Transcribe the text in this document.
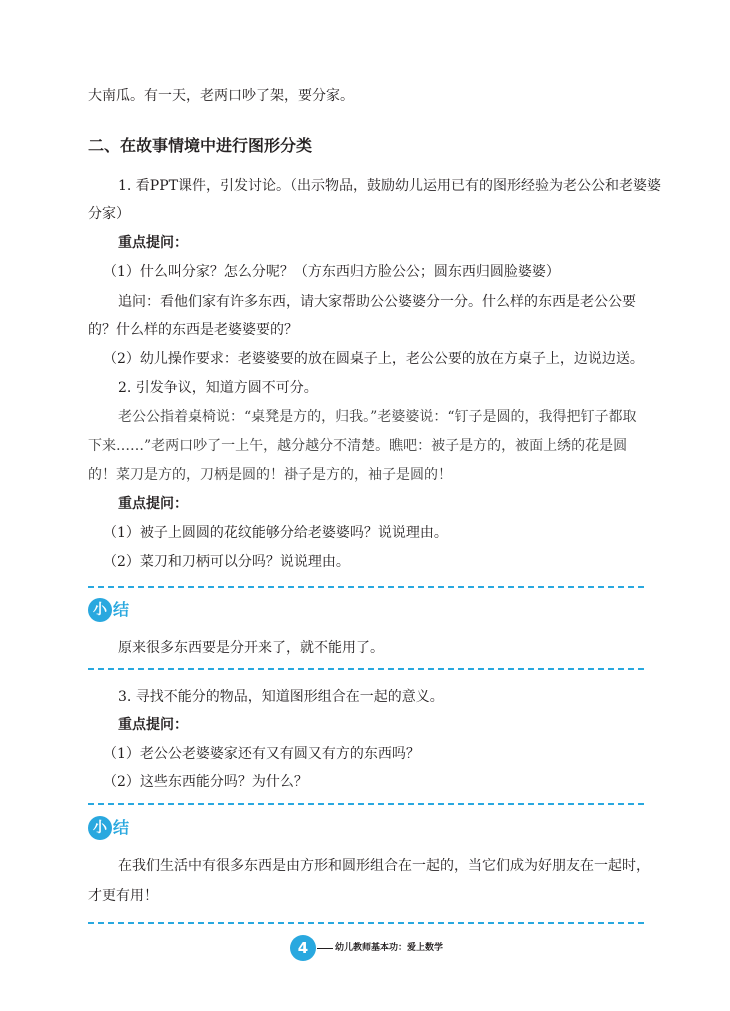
大南瓜。有一天，老两口吵了架，要分家。

二、在故事情境中进行图形分类

1. 看PPT课件，引发讨论。（出示物品，鼓励幼儿运用已有的图形经验为老公公和老婆婆

分家）

重点提问：

（1）什么叫分家？怎么分呢？（方东西归方脸公公；圆东西归圆脸婆婆）

追问：看他们家有许多东西，请大家帮助公公婆婆分一分。什么样的东西是老公公要

的？什么样的东西是老婆婆要的？

（2）幼儿操作要求：老婆婆要的放在圆桌子上，老公公要的放在方桌子上，边说边送。

2. 引发争议，知道方圆不可分。

老公公指着桌椅说：“桌凳是方的，归我。”老婆婆说：“钉子是圆的，我得把钉子都取

下来……”老两口吵了一上午，越分越分不清楚。瞧吧：被子是方的，被面上绣的花是圆

的！菜刀是方的，刀柄是圆的！褂子是方的，袖子是圆的！

重点提问：

（1）被子上圆圆的花纹能够分给老婆婆吗？说说理由。

（2）菜刀和刀柄可以分吗？说说理由。

小 结

原来很多东西要是分开来了，就不能用了。

3. 寻找不能分的物品，知道图形组合在一起的意义。

重点提问：

（1）老公公老婆婆家还有又有圆又有方的东西吗？

（2）这些东西能分吗？为什么？

小 结

在我们生活中有很多东西是由方形和圆形组合在一起的，当它们成为好朋友在一起时，

才更有用！

4	幼儿教师基本功：爱上数学
